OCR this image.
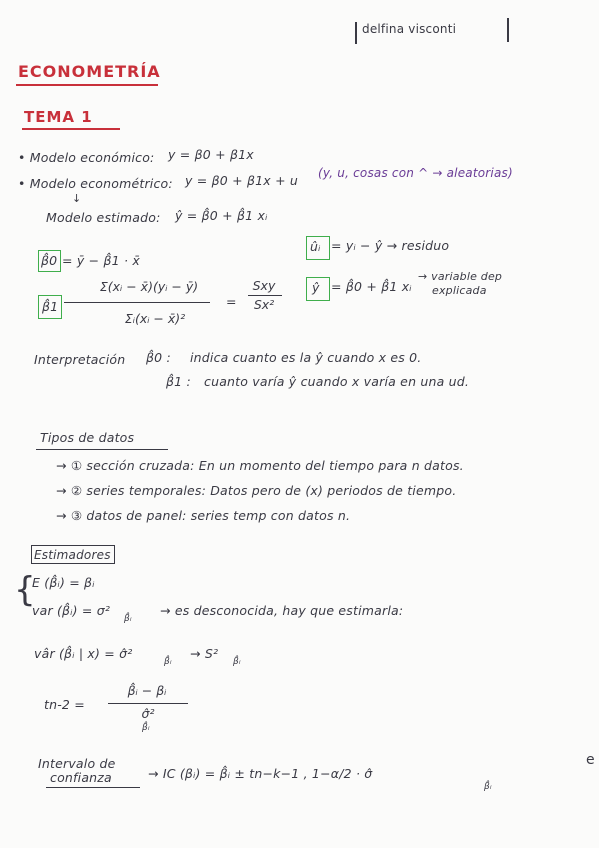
delfina visconti
ECONOMETRÍA
TEMA 1
• Modelo económico: y = β0 + β1x
• Modelo econométrico: y = β0 + β1x + u (y, u, cosas con ^ → aleatorias)
↓
Modelo estimado: ŷ = β̂0 + β̂1 xᵢ
β̂0 = ȳ − β̂1 · x̄
β̂1
Σ(xᵢ − x̄)(yᵢ − ȳ)
Σᵢ(xᵢ − x̄)²
=
Sxy
Sx²
ûᵢ = yᵢ − ŷ → residuo
ŷ = β̂0 + β̂1 xᵢ
→ variable dep
explicada
Interpretación β̂0 : indica cuanto es la ŷ cuando x es 0.
β̂1 : cuanto varía ŷ cuando x varía en una ud.
Tipos de datos
→ ① sección cruzada: En un momento del tiempo para n datos.
→ ② series temporales: Datos pero de (x) periodos de tiempo.
→ ③ datos de panel: series temp con datos n.
Estimadores
{
E (β̂ᵢ) = βᵢ
var (β̂ᵢ) = σ²
β̂ᵢ
→ es desconocida, hay que estimarla:
vâr (β̂ᵢ | x) = σ̂²
β̂ᵢ
→ S²
β̂ᵢ
tn-2 =
β̂ᵢ − βᵢ
σ̂²
β̂ᵢ
Intervalo de
confianza	→ IC (βᵢ) = β̂ᵢ ± tn−k−1 , 1−α/2 · σ̂
β̂ᵢ
e
